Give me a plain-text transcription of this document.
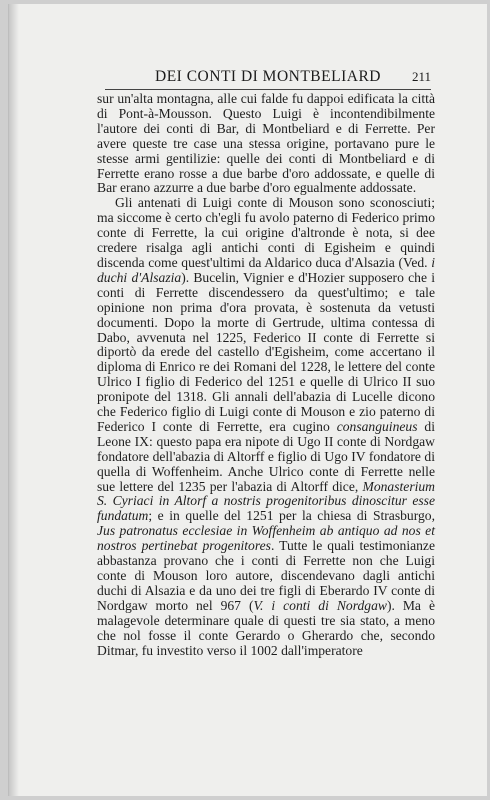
DEI CONTI DI MONTBELIARD	211

sur un'alta montagna, alle cui falde fu dappoi edificata la città di Pont-à-Mousson. Questo Luigi è incontendibilmente l'autore dei conti di Bar, di Montbeliard e di Ferrette. Per avere queste tre case una stessa origine, portavano pure le stesse armi gentilizie: quelle dei conti di Montbeliard e di Ferrette erano rosse a due barbe d'oro addossate, e quelle di Bar erano azzurre a due barbe d'oro egualmente addossate.

Gli antenati di Luigi conte di Mouson sono sconosciuti; ma siccome è certo ch'egli fu avolo paterno di Federico primo conte di Ferrette, la cui origine d'altronde è nota, si dee credere risalga agli antichi conti di Egisheim e quindi discenda come quest'ultimi da Aldarico duca d'Alsazia (Ved. i duchi d'Alsazia). Bucelin, Vignier e d'Hozier supposero che i conti di Ferrette discendessero da quest'ultimo; e tale opinione non prima d'ora provata, è sostenuta da vetusti documenti. Dopo la morte di Gertrude, ultima contessa di Dabo, avvenuta nel 1225, Federico II conte di Ferrette si diportò da erede del castello d'Egisheim, come accertano il diploma di Enrico re dei Romani del 1228, le lettere del conte Ulrico I figlio di Federico del 1251 e quelle di Ulrico II suo pronipote del 1318. Gli annali dell'abazia di Lucelle dicono che Federico figlio di Luigi conte di Mouson e zio paterno di Federico I conte di Ferrette, era cugino consanguineus di Leone IX: questo papa era nipote di Ugo II conte di Nordgaw fondatore dell'abazia di Altorff e figlio di Ugo IV fondatore di quella di Woffenheim. Anche Ulrico conte di Ferrette nelle sue lettere del 1235 per l'abazia di Altorff dice, Monasterium S. Cyriaci in Altorf a nostris progenitoribus dinoscitur esse fundatum; e in quelle del 1251 per la chiesa di Strasburgo, Jus patronatus ecclesiae in Woffenheim ab antiquo ad nos et nostros pertinebat progenitores. Tutte le quali testimonianze abbastanza provano che i conti di Ferrette non che Luigi conte di Mouson loro autore, discendevano dagli antichi duchi di Alsazia e da uno dei tre figli di Eberardo IV conte di Nordgaw morto nel 967 (V. i conti di Nordgaw). Ma è malagevole determinare quale di questi tre sia stato, a meno che nol fosse il conte Gerardo o Gherardo che, secondo Ditmar, fu investito verso il 1002 dall'imperatore
